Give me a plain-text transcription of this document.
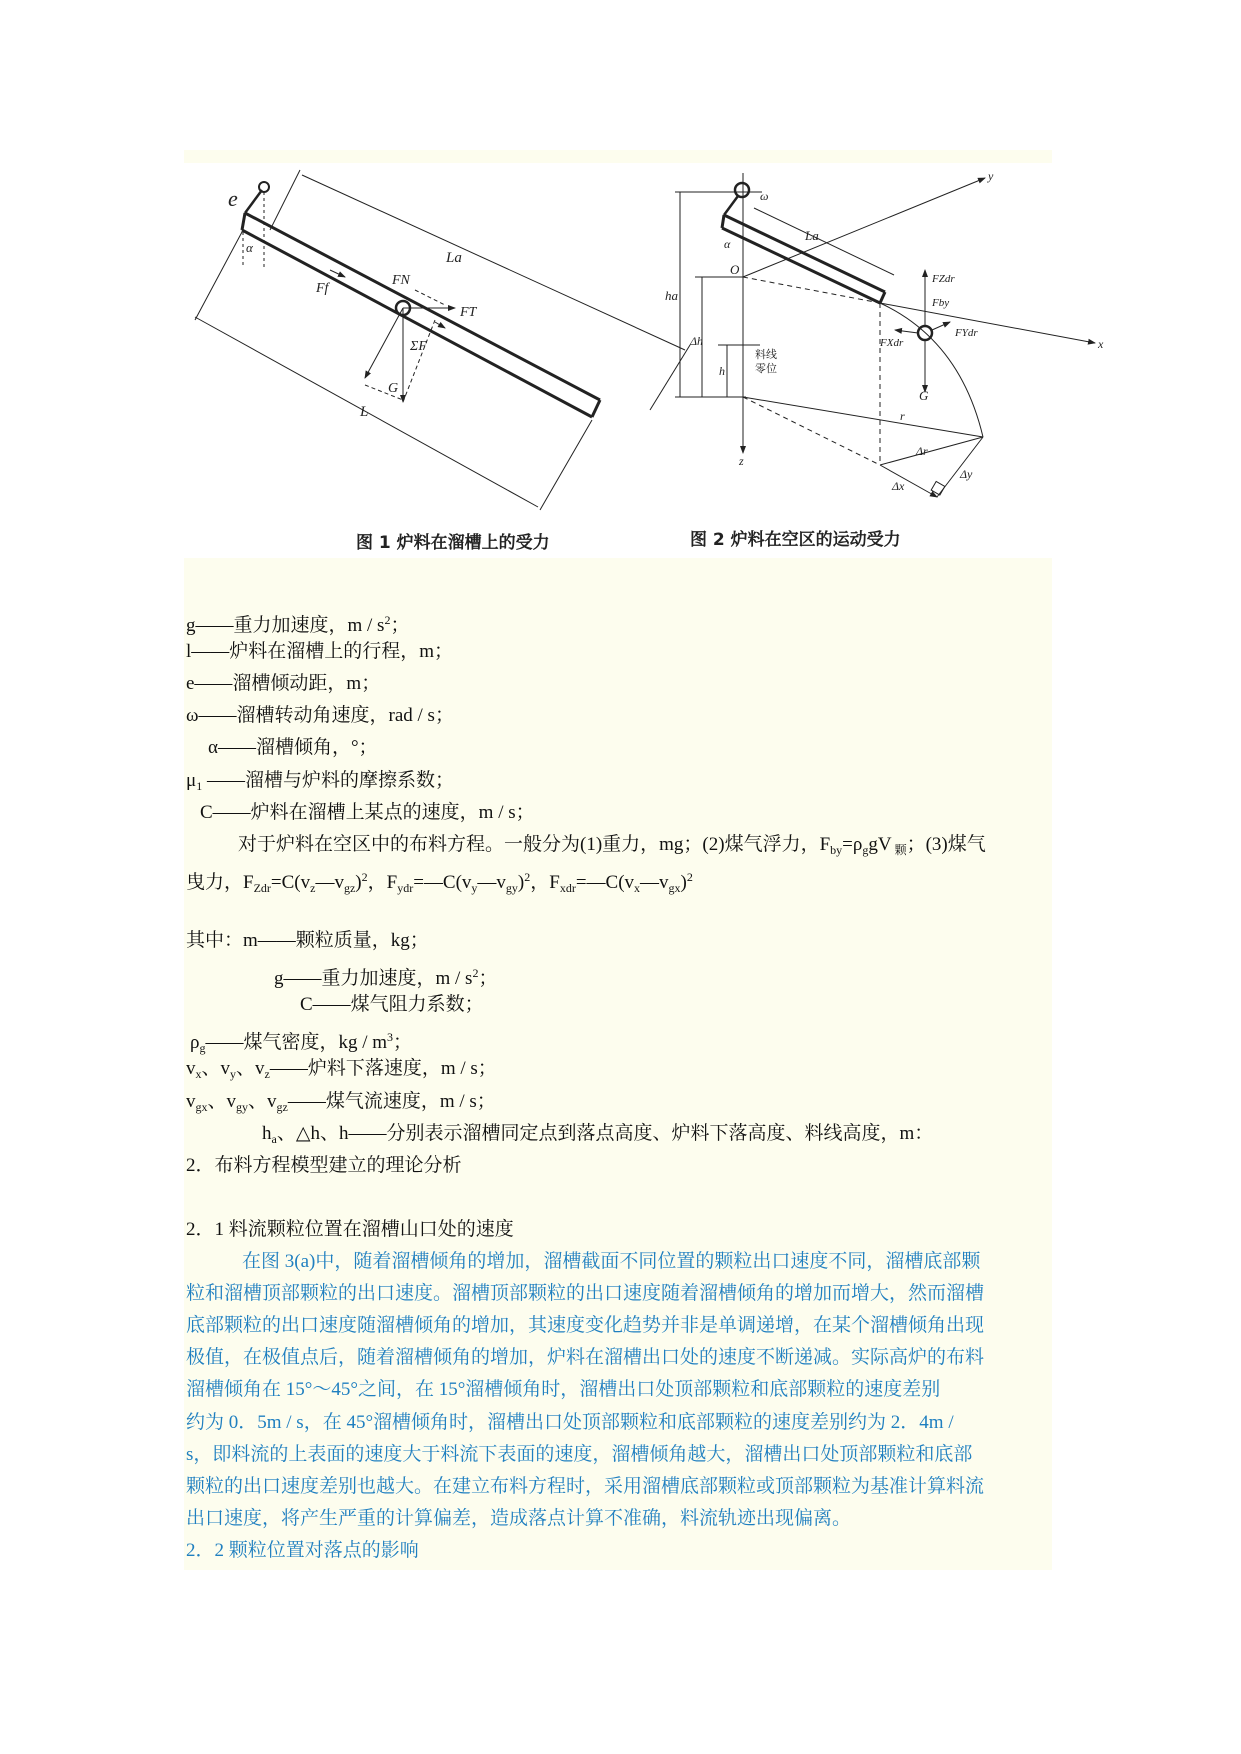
e
α
La
L
FN
FT
Ff
ΣF
G
图 1 炉料在溜槽上的受力
ω
α
La
O
ha
Δh
h
料线
零位
x
y
z
FZdr
Fby
FXdr
FYdr
G
r
Δr
Δx
Δy
图 2 炉料在空区的运动受力
g——重力加速度，m / $s^2$；
l——炉料在溜槽上的行程，m；
e——溜槽倾动距，m；
ω——溜槽转动角速度，rad / s；
α——溜槽倾角，°；
$\mu_1$ ——溜槽与炉料的摩擦系数；
C——炉料在溜槽上某点的速度，m / s；
对于炉料在空区中的布料方程。一般分为(1)重力，mg；(2)煤气浮力，$F_{by}=\rho_ggV$ $_颗$；(3)煤气
曳力，$F_{Zdr}=C(v_z—v_{gz})^2$，$F_{ydr}=—C(v_y—v_{gy})^2$，$F_{xdr}=—C(v_x—v_{gx})^2$
其中：m——颗粒质量，kg；
g——重力加速度，m / $s^2$；
C——煤气阻力系数；
$\rho_g——$煤气密度，kg / $m^3$；
$v_x$、$v_y$、$v_z——$炉料下落速度，m / s；
$v_{gx}$、$v_{gy}$、$v_{gz}——$煤气流速度，m / s；
$h_a$、△h、h——分别表示溜槽同定点到落点高度、炉料下落高度、料线高度，m：
2．布料方程模型建立的理论分析
2．1 料流颗粒位置在溜槽山口处的速度
在图 3(a)中，随着溜槽倾角的增加，溜槽截面不同位置的颗粒出口速度不同，溜槽底部颗
粒和溜槽顶部颗粒的出口速度。溜槽顶部颗粒的出口速度随着溜槽倾角的增加而增大，然而溜槽
底部颗粒的出口速度随溜槽倾角的增加，其速度变化趋势并非是单调递增，在某个溜槽倾角出现
极值，在极值点后，随着溜槽倾角的增加，炉料在溜槽出口处的速度不断递减。实际高炉的布料
溜槽倾角在 15°～45°之间，在 15°溜槽倾角时，溜槽出口处顶部颗粒和底部颗粒的速度差别
约为 0．5m / s，在 45°溜槽倾角时，溜槽出口处顶部颗粒和底部颗粒的速度差别约为 2．4m /
s，即料流的上表面的速度大于料流下表面的速度，溜槽倾角越大，溜槽出口处顶部颗粒和底部
颗粒的出口速度差别也越大。在建立布料方程时，采用溜槽底部颗粒或顶部颗粒为基准计算料流
出口速度，将产生严重的计算偏差，造成落点计算不准确，料流轨迹出现偏离。
2．2 颗粒位置对落点的影响
